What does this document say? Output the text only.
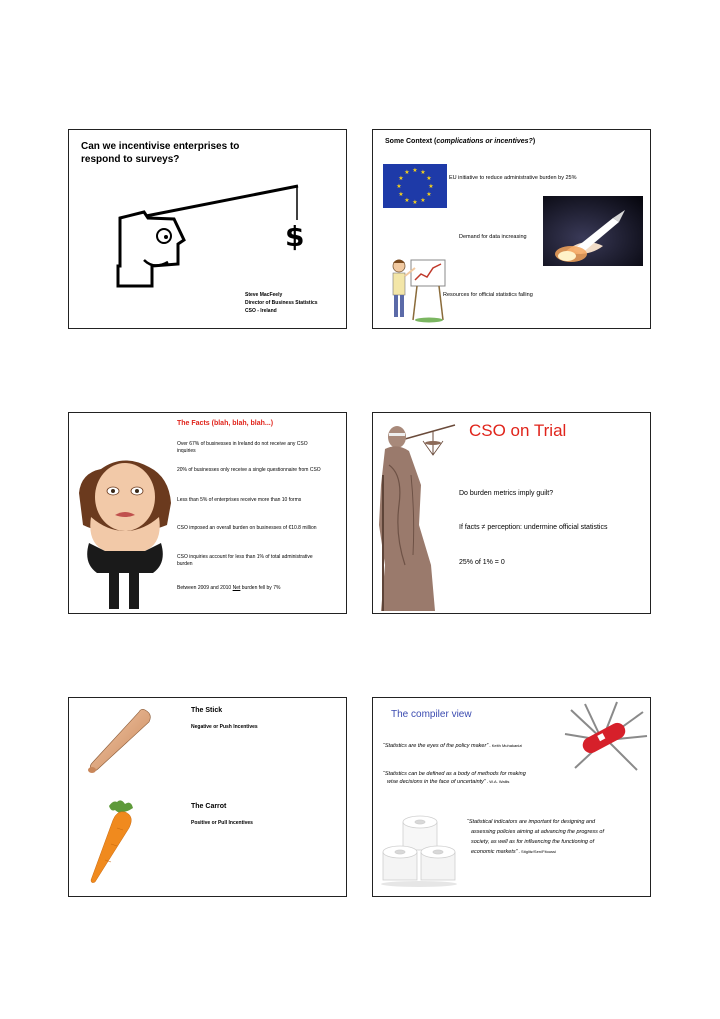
Can we incentivise enterprises to respond to surveys?
$
Steve MacFeely
Director of Business Statistics
CSO - Ireland
Some Context (complications or incentives?)
★ ★
★
★
★
★
★
★
★
★
★
★
EU initiative to reduce administrative burden by 25%
Demand for data increasing
Resources for official statistics falling
The Facts (blah, blah, blah...)
Over 67% of businesses in Ireland do not receive any CSO inquiries
20% of businesses only receive a single questionnaire from CSO
Less than 5% of enterprises receive more than 10 forms
CSO imposed an overall burden on businesses of €10.8 million
CSO inquiries account for less than 1% of total administrative burden
Between 2009 and 2010 Net burden fell by 7%
CSO on Trial
Do burden metrics imply guilt?
If facts ≠ perception: undermine official statistics
25% of 1% = 0
The Stick
Negative or Push Incentives
The Carrot
Positive or Pull Incentives
The compiler view
“Statistics are the eyes of the policy maker” - Keith Muhakanizi
“Statistics can be defined as a body of methods for making
wise decisions in the face of uncertainty” - W.A. Wallis
“Statistical indicators are important for designing and
assessing policies aiming at advancing the progress of
society, as well as for influencing the functioning of
economic markets” - Stiglitz/Sen/Fitoussi
